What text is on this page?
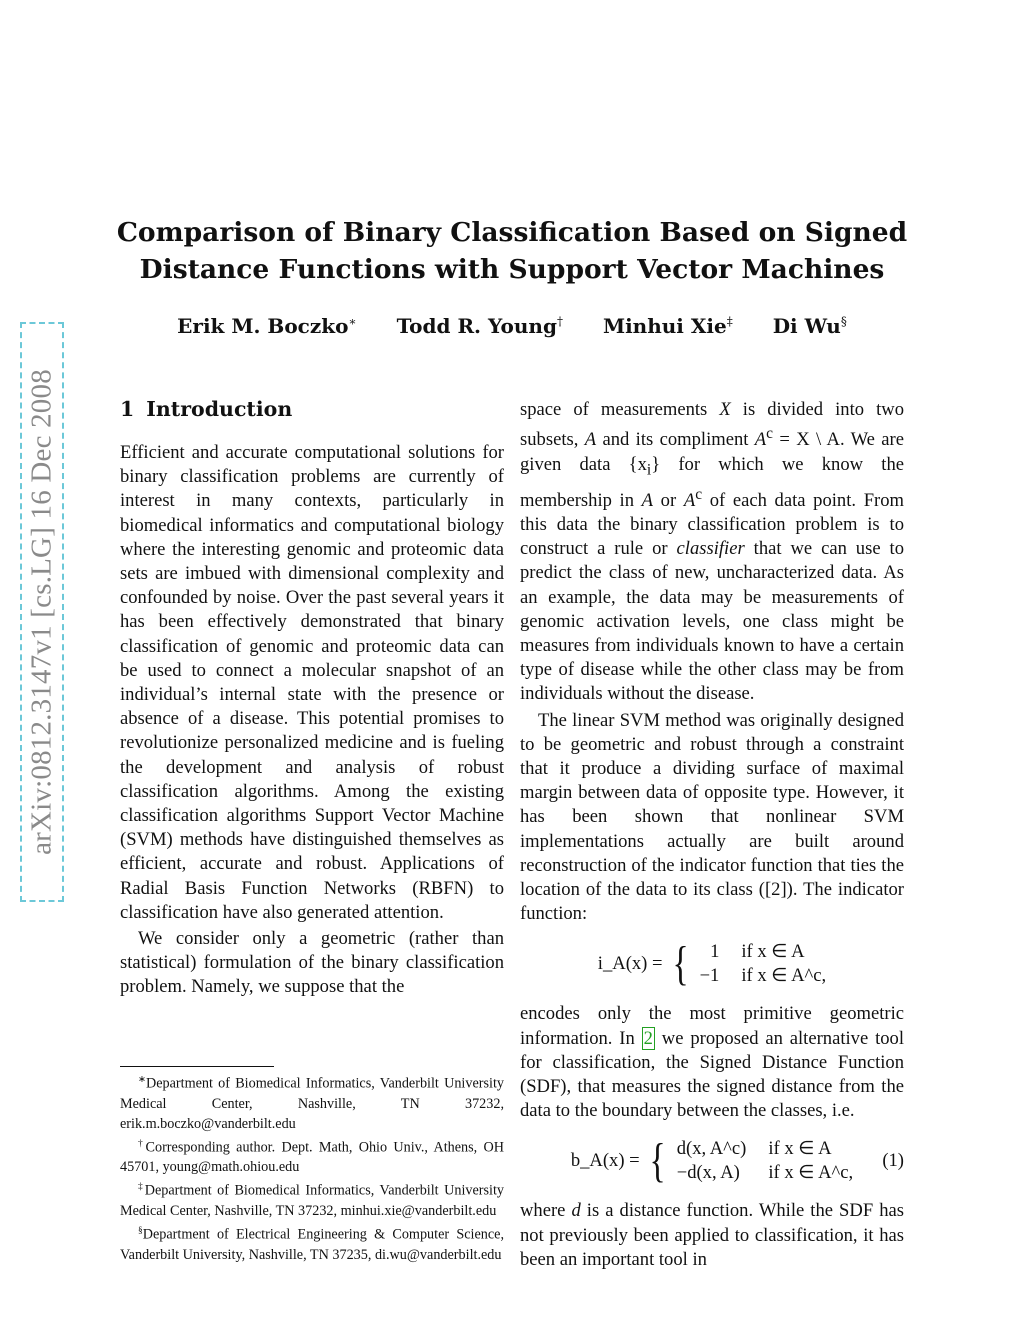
arXiv:0812.3147v1 [cs.LG] 16 Dec 2008
Comparison of Binary Classification Based on Signed
Distance Functions with Support Vector Machines
Erik M. Boczko∗ Todd R. Young† Minhui Xie‡ Di Wu§
1 Introduction

Efficient and accurate computational solutions for binary classification problems are currently of interest in many contexts, particularly in biomedical informatics and computational biology where the interesting genomic and proteomic data sets are imbued with dimensional complexity and confounded by noise. Over the past several years it has been effectively demonstrated that binary classification of genomic and proteomic data can be used to connect a molecular snapshot of an individual’s internal state with the presence or absence of a disease. This potential promises to revolutionize personalized medicine and is fueling the development and analysis of robust classification algorithms. Among the existing classification algorithms Support Vector Machine (SVM) methods have distinguished themselves as efficient, accurate and robust. Applications of Radial Basis Function Networks (RBFN) to classification have also generated attention.

We consider only a geometric (rather than statistical) formulation of the binary classification problem. Namely, we suppose that the

∗Department of Biomedical Informatics, Vanderbilt University Medical Center, Nashville, TN 37232, erik.m.boczko@vanderbilt.edu

†Corresponding author. Dept. Math, Ohio Univ., Athens, OH 45701, young@math.ohiou.edu

‡Department of Biomedical Informatics, Vanderbilt University Medical Center, Nashville, TN 37232, minhui.xie@vanderbilt.edu

§Department of Electrical Engineering & Computer Science, Vanderbilt University, Nashville, TN 37235, di.wu@vanderbilt.edu

space of measurements X is divided into two subsets, A and its compliment $A^c = X$ \ A. We are given data $\{x_i\}$ for which we know the membership in A or $A^c$ of each data point. From this data the binary classification problem is to construct a rule or classifier that we can use to predict the class of new, uncharacterized data. As an example, the data may be measurements of genomic activation levels, one class might be measures from individuals known to have a certain type of disease while the other class may be from individuals without the disease.

The linear SVM method was originally designed to be geometric and robust through a constraint that it produce a dividing surface of maximal margin between data of opposite type. However, it has been shown that nonlinear SVM implementations actually are built around reconstruction of the indicator function that ties the location of the data to its class ([2]). The indicator function:

i_A(x) = {	1 if x ∈ A
−1 if x ∈ A^c,

encodes only the most primitive geometric information. In 2 we proposed an alternative tool for classification, the Signed Distance Function (SDF), that measures the signed distance from the data to the boundary between the classes, i.e.

b_A(x) = { d(x, A^c) if x ∈ A
−d(x, A)	if x ∈ A^c,
(1)

where d is a distance function. While the SDF has not previously been applied to classification, it has been an important tool in
